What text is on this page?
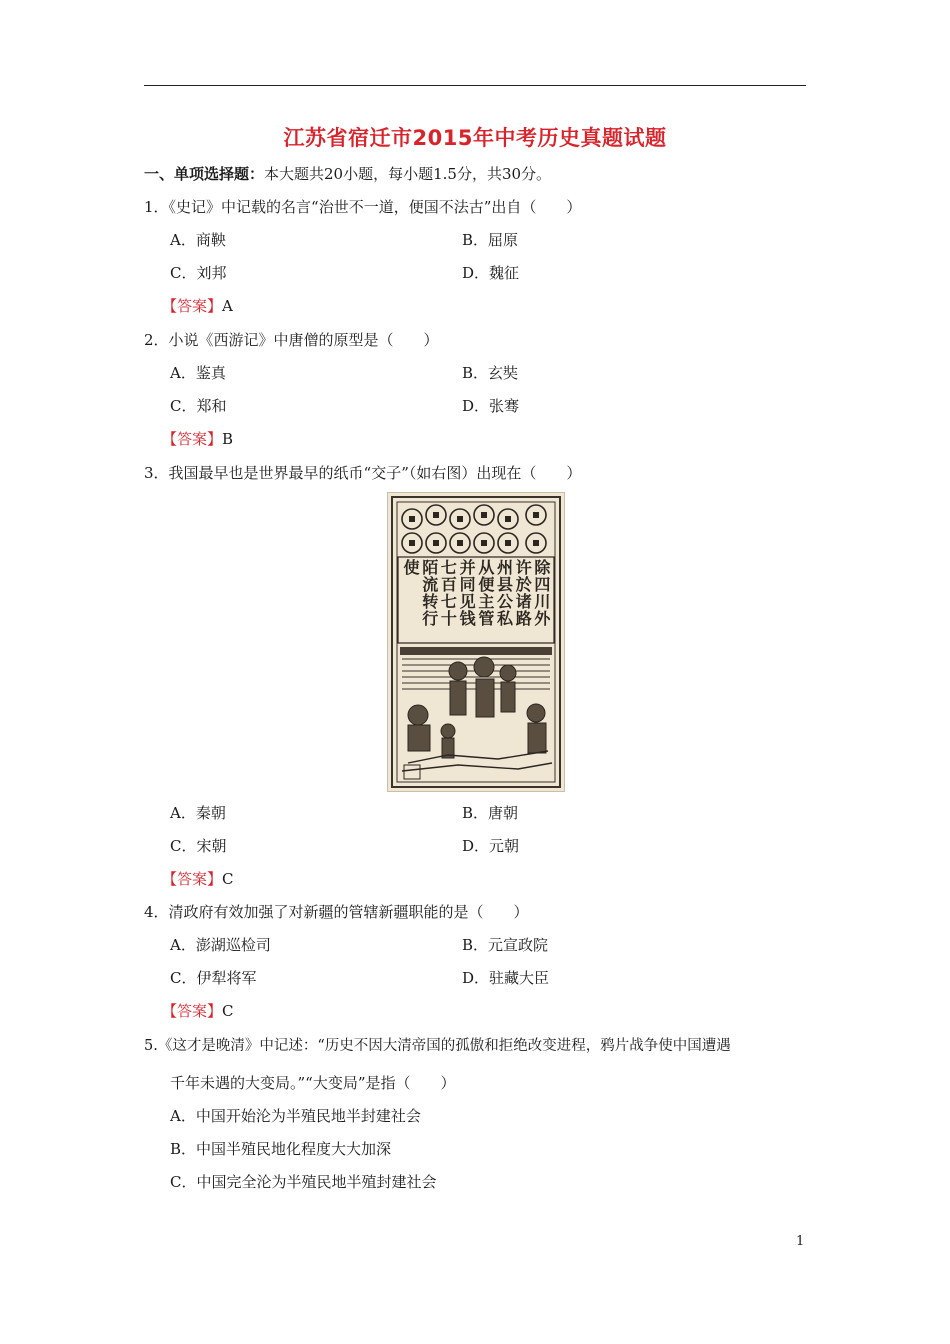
江苏省宿迁市2015年中考历史真题试题
一、单项选择题：本大题共20小题，每小题1.5分，共30分。
1．《史记》中记载的名言“治世不一道，便国不法古”出自（　　）
A．商鞅	B．屈原
C．刘邦	D．魏征
【答案】A
2．小说《西游记》中唐僧的原型是（　　）
A．鉴真	B．玄奘
C．郑和	D．张骞
【答案】B
3．我国最早也是世界最早的纸币“交子”（如右图）出现在（　　）
除四川外
许於诸路
州县公私
从便主管
并同见钱
七百七十
陌流转行
使
A．秦朝	B．唐朝
C．宋朝	D．元朝
【答案】C
4．清政府有效加强了对新疆的管辖新疆职能的是（　　）
A．澎湖巡检司	B．元宣政院
C．伊犁将军	D．驻藏大臣
【答案】C
5.《这才是晚清》中记述：“历史不因大清帝国的孤傲和拒绝改变进程，鸦片战争使中国遭遇
千年未遇的大变局。”“大变局”是指（　　）
A．中国开始沦为半殖民地半封建社会
B．中国半殖民地化程度大大加深
C．中国完全沦为半殖民地半殖封建社会
1
